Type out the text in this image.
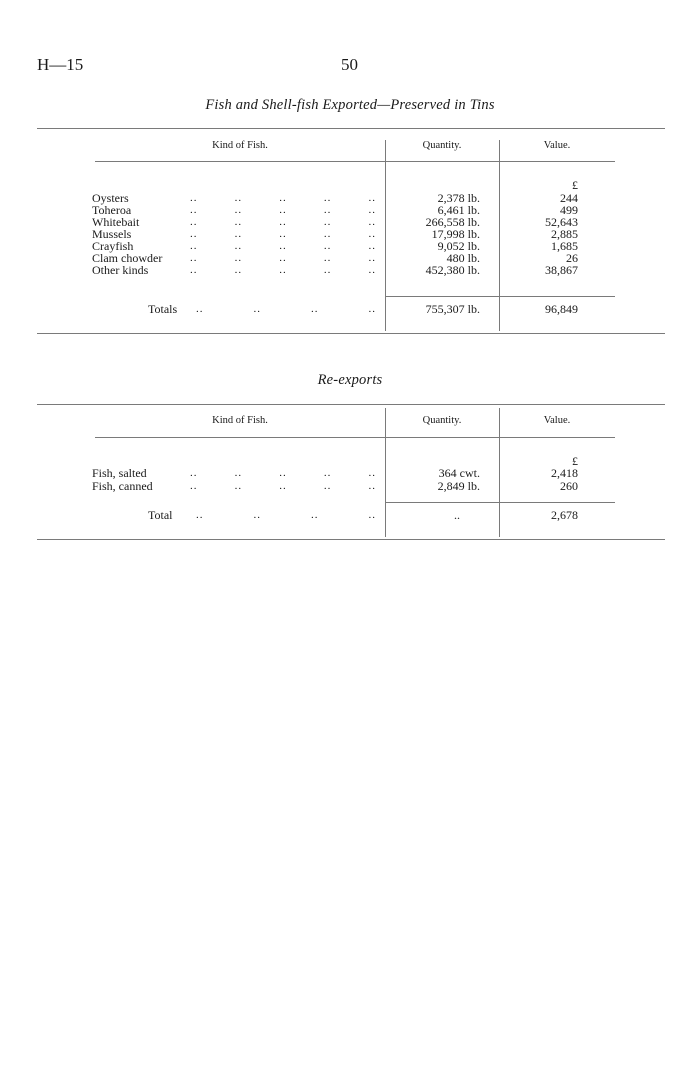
H—15	50
Fish and Shell-fish Exported—Preserved in Tins
Kind of Fish.	Quantity.	Value.
£
Oysters	..	..	..	..	..	2,378 lb.	244
Toheroa	..	..	..	..	..	6,461 lb.	499
Whitebait	..	..	..	..	..	266,558 lb.	52,643
Mussels	..	..	..	..	..	17,998 lb.	2,885
Crayfish	..	..	..	..	..	9,052 lb.	1,685
Clam chowder	..	..	..	..	..	480 lb.	26
Other kinds	..	..	..	..	..	452,380 lb.	38,867
Totals ..	..	..	..	755,307 lb.	96,849
Re-exports
Kind of Fish.	Quantity.	Value.
£
Fish, salted	..	..	..	..	..	364 cwt.	2,418
Fish, canned	..	..	..	..	..	2,849 lb.	260
Total ..	..	..	..	..	2,678
